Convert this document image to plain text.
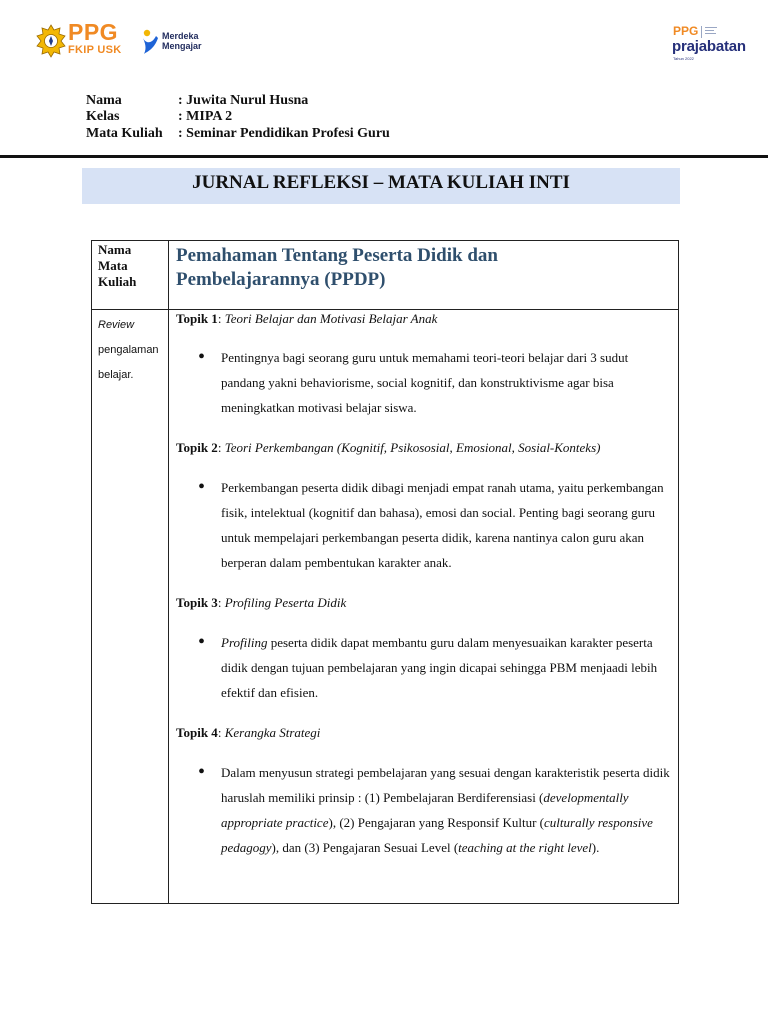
PPG
FKIP USK
Merdeka
Mengajar
PPG
prajabatan
Tahun 2022
Nama	: Juwita Nurul Husna
Kelas	: MIPA 2
Mata Kuliah : Seminar Pendidikan Profesi Guru
JURNAL REFLEKSI – MATA KULIAH INTI
Nama
Mata
Kuliah
Pemahaman Tentang Peserta Didik dan Pembelajarannya (PPDP)
Review
pengalaman belajar.
Topik 1: Teori Belajar dan Motivasi Belajar Anak
• Pentingnya bagi seorang guru untuk memahami teori-teori belajar dari 3 sudut pandang yakni behaviorisme, social kognitif, dan konstruktivisme agar bisa meningkatkan motivasi belajar siswa.
Topik 2: Teori Perkembangan (Kognitif, Psikososial, Emosional, Sosial-Konteks)
• Perkembangan peserta didik dibagi menjadi empat ranah utama, yaitu perkembangan fisik, intelektual (kognitif dan bahasa), emosi dan social. Penting bagi seorang guru untuk mempelajari perkembangan peserta didik, karena nantinya calon guru akan berperan dalam pembentukan karakter anak.
Topik 3: Profiling Peserta Didik
• Profiling peserta didik dapat membantu guru dalam menyesuaikan karakter peserta didik dengan tujuan pembelajaran yang ingin dicapai sehingga PBM menjaadi lebih efektif dan efisien.
Topik 4: Kerangka Strategi
• Dalam menyusun strategi pembelajaran yang sesuai dengan karakteristik peserta didik haruslah memiliki prinsip : (1) Pembelajaran Berdiferensiasi (developmentally appropriate practice), (2) Pengajaran yang Responsif Kultur (culturally responsive pedagogy), dan (3) Pengajaran Sesuai Level (teaching at the right level).
